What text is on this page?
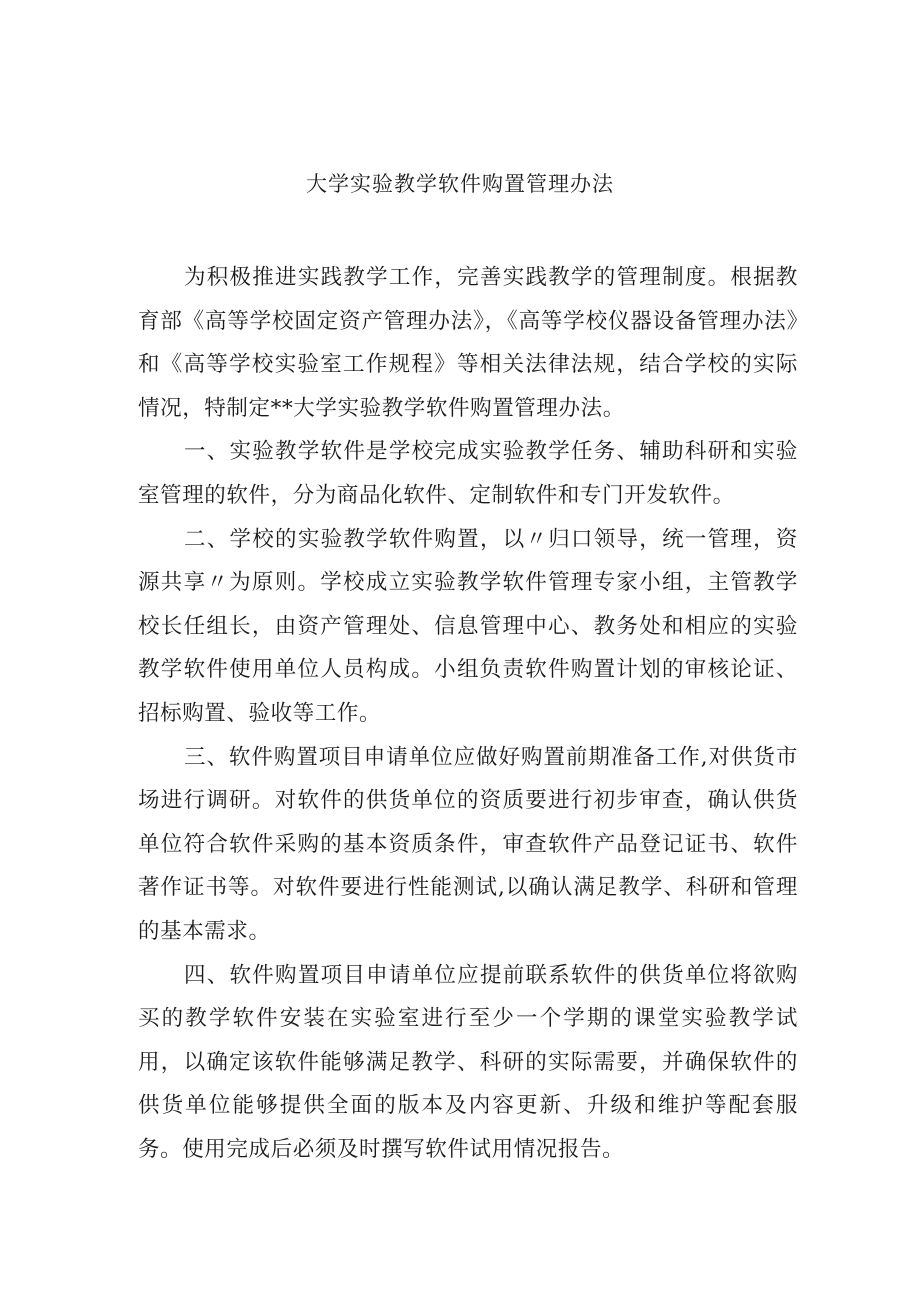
大学实验教学软件购置管理办法

为积极推进实践教学工作，完善实践教学的管理制度。根据教育部《高等学校固定资产管理办法》，《高等学校仪器设备管理办法》和《高等学校实验室工作规程》等相关法律法规，结合学校的实际情况，特制定**大学实验教学软件购置管理办法。

一、实验教学软件是学校完成实验教学任务、辅助科研和实验室管理的软件，分为商品化软件、定制软件和专门开发软件。

二、学校的实验教学软件购置，以〃归口领导，统一管理，资源共享〃为原则。学校成立实验教学软件管理专家小组，主管教学校长任组长，由资产管理处、信息管理中心、教务处和相应的实验教学软件使用单位人员构成。小组负责软件购置计划的审核论证、招标购置、验收等工作。

三、软件购置项目申请单位应做好购置前期准备工作,对供货市场进行调研。对软件的供货单位的资质要进行初步审查，确认供货单位符合软件采购的基本资质条件，审查软件产品登记证书、软件著作证书等。对软件要进行性能测试,以确认满足教学、科研和管理的基本需求。

四、软件购置项目申请单位应提前联系软件的供货单位将欲购买的教学软件安装在实验室进行至少一个学期的课堂实验教学试用，以确定该软件能够满足教学、科研的实际需要，并确保软件的供货单位能够提供全面的版本及内容更新、升级和维护等配套服务。使用完成后必须及时撰写软件试用情况报告。
